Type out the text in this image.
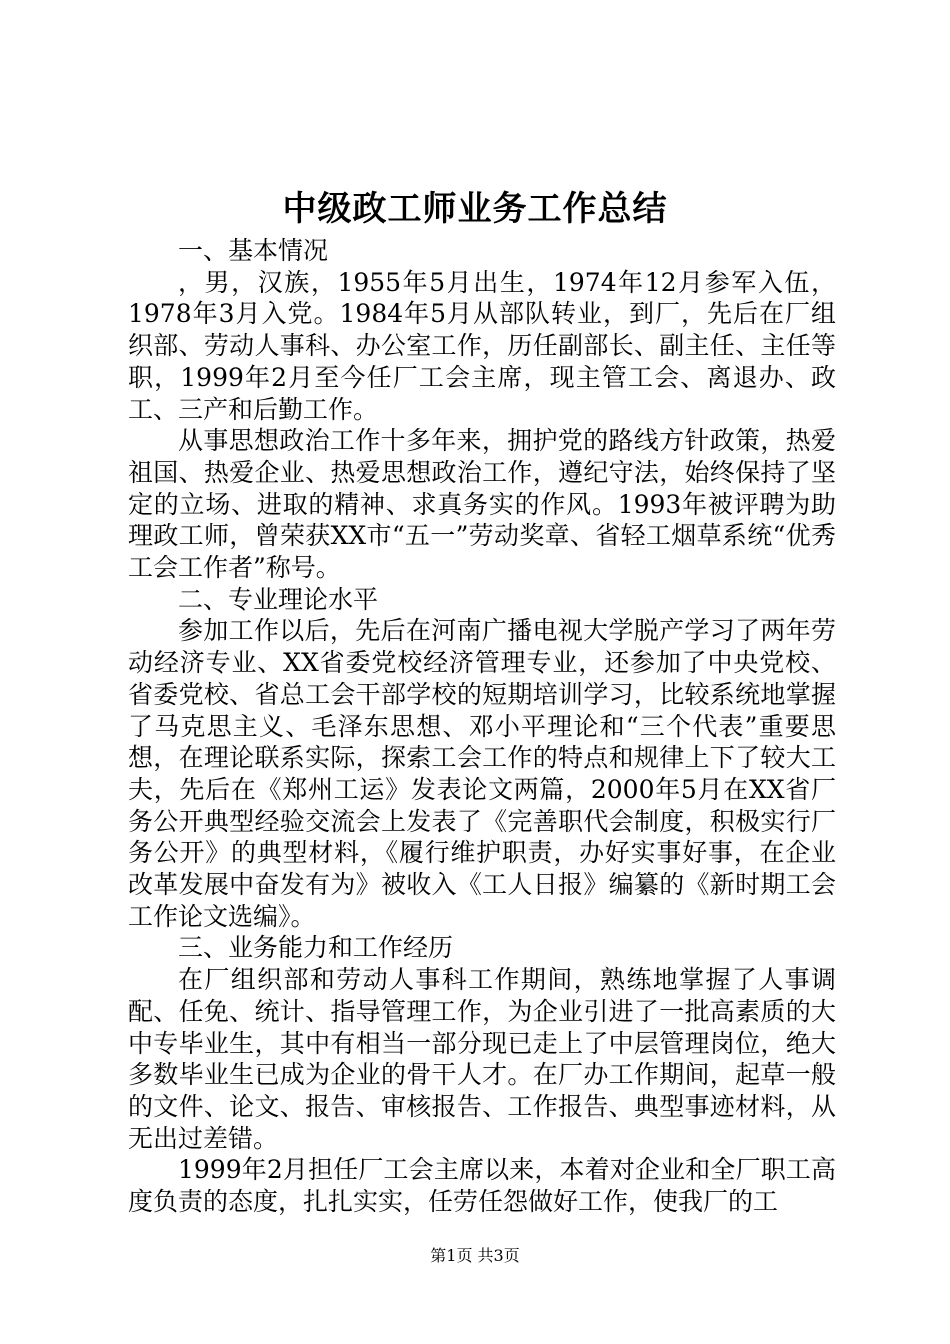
中级政工师业务工作总结

一、基本情况

，男，汉族，1955年5月出生，1974年12月参军入伍，1978年3月入党。1984年5月从部队转业，到厂，先后在厂组织部、劳动人事科、办公室工作，历任副部长、副主任、主任等职，1999年2月至今任厂工会主席，现主管工会、离退办、政工、三产和后勤工作。

从事思想政治工作十多年来，拥护党的路线方针政策，热爱祖国、热爱企业、热爱思想政治工作，遵纪守法，始终保持了坚定的立场、进取的精神、求真务实的作风。1993年被评聘为助理政工师，曾荣获XX市“五一”劳动奖章、省轻工烟草系统“优秀工会工作者”称号。

二、专业理论水平

参加工作以后，先后在河南广播电视大学脱产学习了两年劳动经济专业、XX省委党校经济管理专业，还参加了中央党校、省委党校、省总工会干部学校的短期培训学习，比较系统地掌握了马克思主义、毛泽东思想、邓小平理论和“三个代表”重要思想，在理论联系实际，探索工会工作的特点和规律上下了较大工夫，先后在《郑州工运》发表论文两篇，2000年5月在XX省厂务公开典型经验交流会上发表了《完善职代会制度，积极实行厂务公开》的典型材料，《履行维护职责，办好实事好事，在企业改革发展中奋发有为》被收入《工人日报》编纂的《新时期工会工作论文选编》。

三、业务能力和工作经历

在厂组织部和劳动人事科工作期间，熟练地掌握了人事调配、任免、统计、指导管理工作，为企业引进了一批高素质的大中专毕业生，其中有相当一部分现已走上了中层管理岗位，绝大多数毕业生已成为企业的骨干人才。在厂办工作期间，起草一般的文件、论文、报告、审核报告、工作报告、典型事迹材料，从无出过差错。

1999年2月担任厂工会主席以来，本着对企业和全厂职工高度负责的态度，扎扎实实，任劳任怨做好工作，使我厂的工

第1页 共3页
